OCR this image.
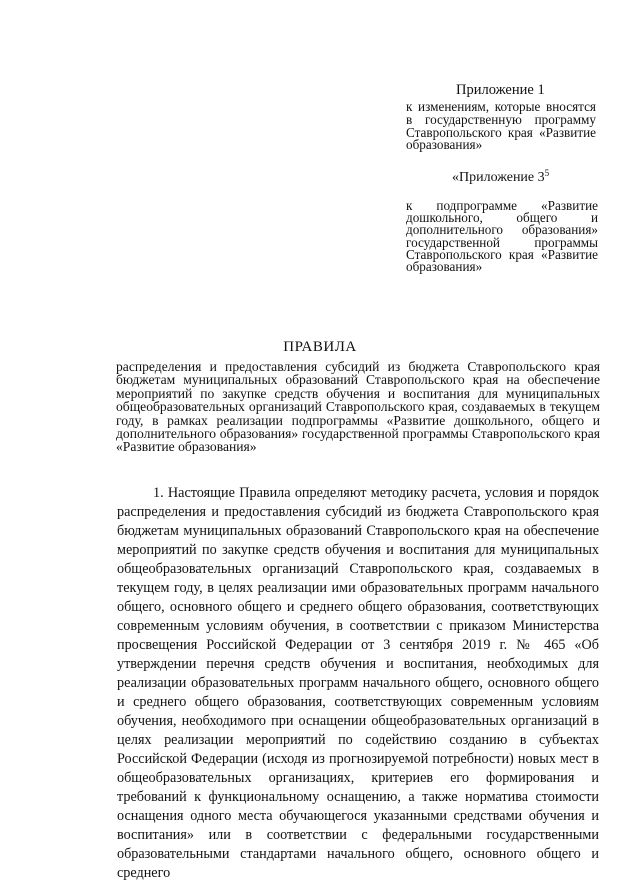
Приложение 1
к изменениям, которые вносятся в государственную программу Ставропольского края «Развитие образования»
«Приложение $3^5$
к подпрограмме «Развитие дошкольного, общего и дополнительного образования» государственной программы Ставропольского края «Развитие образования»
ПРАВИЛА
распределения и предоставления субсидий из бюджета Ставропольского края бюджетам муниципальных образований Ставропольского края на обеспечение мероприятий по закупке средств обучения и воспитания для муниципальных общеобразовательных организаций Ставропольского края, создаваемых в текущем году, в рамках реализации подпрограммы «Развитие дошкольного, общего и дополнительного образования» государственной программы Ставропольского края «Развитие образования»
1. Настоящие Правила определяют методику расчета, условия и порядок распределения и предоставления субсидий из бюджета Ставропольского края бюджетам муниципальных образований Ставропольского края на обеспечение мероприятий по закупке средств обучения и воспитания для муниципальных общеобразовательных организаций Ставропольского края, создаваемых в текущем году, в целях реализации ими образовательных программ начального общего, основного общего и среднего общего образования, соответствующих современным условиям обучения, в соответствии с приказом Министерства просвещения Российской Федерации от 3 сентября 2019 г. № 465 «Об утверждении перечня средств обучения и воспитания, необходимых для реализации образовательных программ начального общего, основного общего и среднего общего образования, соответствующих современным условиям обучения, необходимого при оснащении общеобразовательных организаций в целях реализации мероприятий по содействию созданию в субъектах Российской Федерации (исходя из прогнозируемой потребности) новых мест в общеобразовательных организациях, критериев его формирования и требований к функциональному оснащению, а также норматива стоимости оснащения одного места обучающегося указанными средствами обучения и воспитания» или в соответствии с федеральными государственными образовательными стандартами начального общего, основного общего и среднего
